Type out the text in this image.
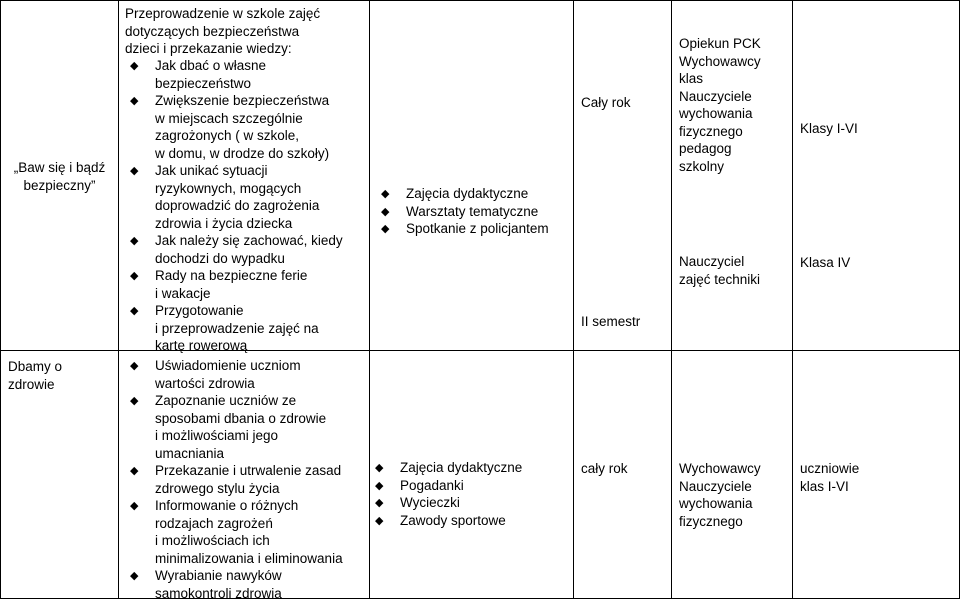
„Baw się i bądź
bezpieczny”
Przeprowadzenie w szkole zajęć
dotyczących bezpieczeństwa
dzieci i przekazanie wiedzy:
◆ Jak dbać o własne
bezpieczeństwo
◆ Zwiększenie bezpieczeństwa
w miejscach szczególnie
zagrożonych ( w szkole,
w domu, w drodze do szkoły)
◆ Jak unikać sytuacji
ryzykownych, mogących
doprowadzić do zagrożenia
zdrowia i życia dziecka
◆ Jak należy się zachować, kiedy
dochodzi do wypadku
◆ Rady na bezpieczne ferie
i wakacje
◆ Przygotowanie
i przeprowadzenie zajęć na
kartę rowerową
◆ Zajęcia dydaktyczne
◆ Warsztaty tematyczne
◆ Spotkanie z policjantem
Cały rok
II semestr
Opiekun PCK
Wychowawcy
klas
Nauczyciele
wychowania
fizycznego
pedagog
szkolny
Nauczyciel
zajęć techniki
Klasy I-VI
Klasa IV
Dbamy o
zdrowie
◆ Uświadomienie uczniom
wartości zdrowia
◆ Zapoznanie uczniów ze
sposobami dbania o zdrowie
i możliwościami jego
umacniania
◆ Przekazanie i utrwalenie zasad
zdrowego stylu życia
◆ Informowanie o różnych
rodzajach zagrożeń
i możliwościach ich
minimalizowania i eliminowania
◆ Wyrabianie nawyków
samokontroli zdrowia
◆ Zajęcia dydaktyczne
◆ Pogadanki
◆ Wycieczki
◆ Zawody sportowe
cały rok	Wychowawcy
Nauczyciele
wychowania
fizycznego
uczniowie
klas I-VI
